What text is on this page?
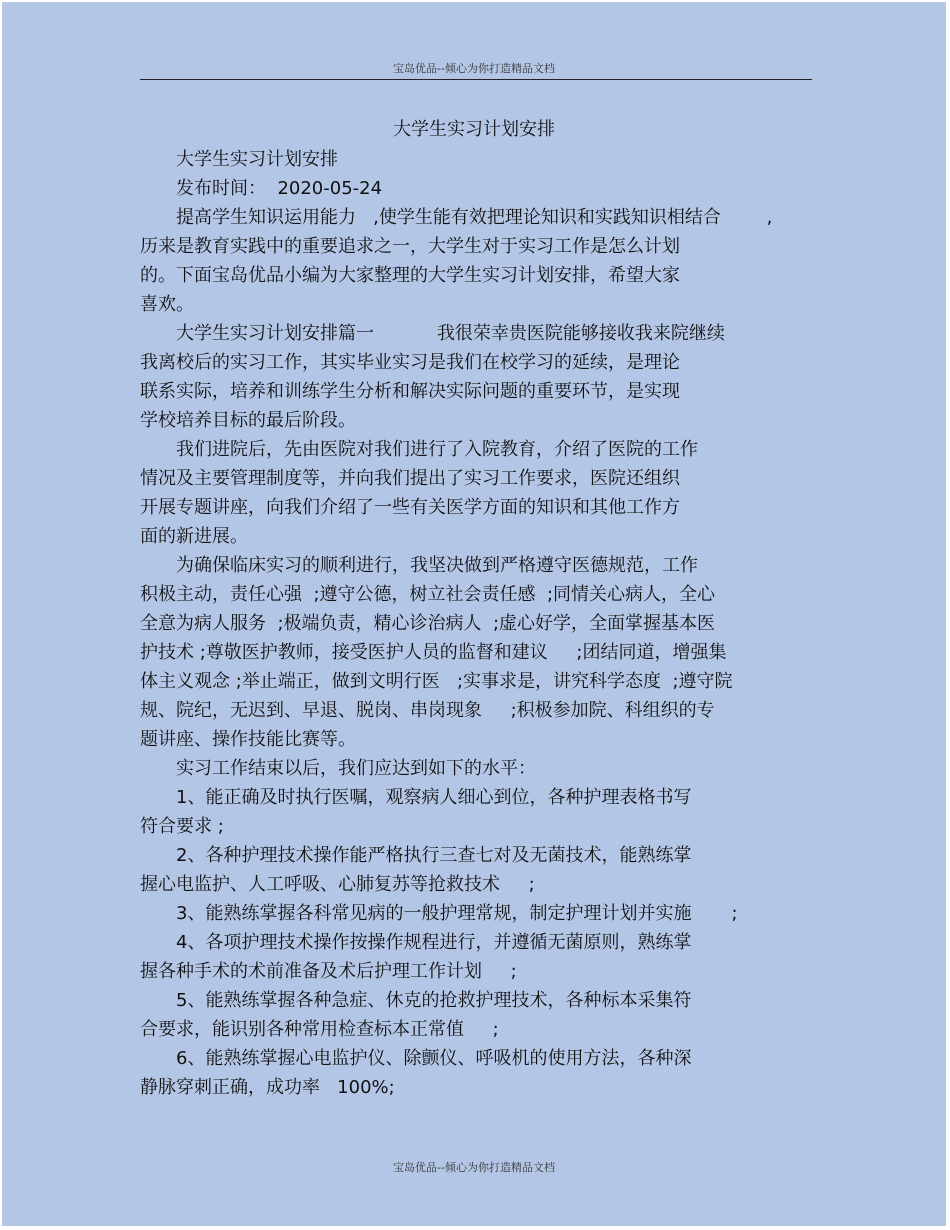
宝岛优品--倾心为你打造精品文档
大学生实习计划安排
大学生实习计划安排
发布时间：  2020-05-24
提高学生知识运用能力   ,使学生能有效把理论知识和实践知识相结合        ,
历来是教育实践中的重要追求之一，大学生对于实习工作是怎么计划
的。下面宝岛优品小编为大家整理的大学生实习计划安排，希望大家
喜欢。
大学生实习计划安排篇一           我很荣幸贵医院能够接收我来院继续
我离校后的实习工作，其实毕业实习是我们在校学习的延续，是理论
联系实际，培养和训练学生分析和解决实际问题的重要环节，是实现
学校培养目标的最后阶段。
我们进院后，先由医院对我们进行了入院教育，介绍了医院的工作
情况及主要管理制度等，并向我们提出了实习工作要求，医院还组织
开展专题讲座，向我们介绍了一些有关医学方面的知识和其他工作方
面的新进展。
为确保临床实习的顺利进行，我坚决做到严格遵守医德规范，工作
积极主动，责任心强  ;遵守公德，树立社会责任感  ;同情关心病人，全心
全意为病人服务  ;极端负责，精心诊治病人  ;虚心好学，全面掌握基本医
护技术 ;尊敬医护教师，接受医护人员的监督和建议     ;团结同道，增强集
体主义观念 ;举止端正，做到文明行医   ;实事求是，讲究科学态度  ;遵守院
规、院纪，无迟到、早退、脱岗、串岗现象     ;积极参加院、科组织的专
题讲座、操作技能比赛等。
实习工作结束以后，我们应达到如下的水平：
1、能正确及时执行医嘱，观察病人细心到位，各种护理表格书写
符合要求 ;
2、各种护理技术操作能严格执行三查七对及无菌技术，能熟练掌
握心电监护、人工呼吸、心肺复苏等抢救技术     ;
3、能熟练掌握各科常见病的一般护理常规，制定护理计划并实施       ;
4、各项护理技术操作按操作规程进行，并遵循无菌原则，熟练掌
握各种手术的术前准备及术后护理工作计划     ;
5、能熟练掌握各种急症、休克的抢救护理技术，各种标本采集符
合要求，能识别各种常用检查标本正常值     ;
6、能熟练掌握心电监护仪、除颤仪、呼吸机的使用方法，各种深
静脉穿刺正确，成功率   100%;
宝岛优品--倾心为你打造精品文档
